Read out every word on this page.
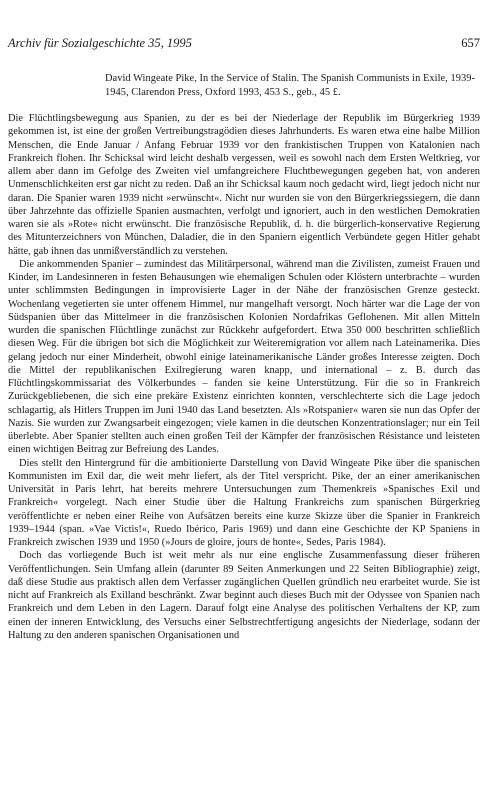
Archiv für Sozialgeschichte 35, 1995	657
David Wingeate Pike, In the Service of Stalin. The Spanish Communists in Exile, 1939-1945, Clarendon Press, Oxford 1993, 453 S., geb., 45 £.

Die Flüchtlingsbewegung aus Spanien, zu der es bei der Niederlage der Republik im Bürgerkrieg 1939 gekommen ist, ist eine der großen Vertreibungstragödien dieses Jahrhunderts. Es waren etwa eine halbe Million Menschen, die Ende Januar / Anfang Februar 1939 vor den frankistischen Truppen von Katalonien nach Frankreich flohen. Ihr Schicksal wird leicht deshalb vergessen, weil es sowohl nach dem Ersten Weltkrieg, vor allem aber dann im Gefolge des Zweiten viel umfangreichere Fluchtbewegungen gegeben hat, von anderen Unmenschlichkeiten erst gar nicht zu reden. Daß an ihr Schicksal kaum noch gedacht wird, liegt jedoch nicht nur daran. Die Spanier waren 1939 nicht »erwünscht«. Nicht nur wurden sie von den Bürgerkriegssiegern, die dann über Jahrzehnte das offizielle Spanien ausmachten, verfolgt und ignoriert, auch in den westlichen Demokratien waren sie als »Rote« nicht erwünscht. Die französische Republik, d. h. die bürgerlich-konservative Regierung des Mitunterzeichners von München, Daladier, die in den Spaniern eigentlich Verbündete gegen Hitler gehabt hätte, gab ihnen das unmißverständlich zu verstehen.

Die ankommenden Spanier – zumindest das Militärpersonal, während man die Zivilisten, zumeist Frauen und Kinder, im Landesinneren in festen Behausungen wie ehemaligen Schulen oder Klöstern unterbrachte – wurden unter schlimmsten Bedingungen in improvisierte Lager in der Nähe der französischen Grenze gesteckt. Wochenlang vegetierten sie unter offenem Himmel, nur mangelhaft versorgt. Noch härter war die Lage der von Südspanien über das Mittelmeer in die französischen Kolonien Nordafrikas Geflohenen. Mit allen Mitteln wurden die spanischen Flüchtlinge zunächst zur Rückkehr aufgefordert. Etwa 350 000 beschritten schließlich diesen Weg. Für die übrigen bot sich die Möglichkeit zur Weiteremigration vor allem nach Lateinamerika. Dies gelang jedoch nur einer Minderheit, obwohl einige lateinamerikanische Länder großes Interesse zeigten. Doch die Mittel der republikanischen Exilregierung waren knapp, und international – z. B. durch das Flüchtlingskommissariat des Völkerbundes – fanden sie keine Unterstützung. Für die so in Frankreich Zurückgebliebenen, die sich eine prekäre Existenz einrichten konnten, verschlechterte sich die Lage jedoch schlagartig, als Hitlers Truppen im Juni 1940 das Land besetzten. Als »Rotspanier« waren sie nun das Opfer der Nazis. Sie wurden zur Zwangsarbeit eingezogen; viele kamen in die deutschen Konzentrationslager; nur ein Teil überlebte. Aber Spanier stellten auch einen großen Teil der Kämpfer der französischen Résistance und leisteten einen wichtigen Beitrag zur Befreiung des Landes.

Dies stellt den Hintergrund für die ambitionierte Darstellung von David Wingeate Pike über die spanischen Kommunisten im Exil dar, die weit mehr liefert, als der Titel verspricht. Pike, der an einer amerikanischen Universität in Paris lehrt, hat bereits mehrere Untersuchungen zum Themenkreis »Spanisches Exil und Frankreich« vorgelegt. Nach einer Studie über die Haltung Frankreichs zum spanischen Bürgerkrieg veröffentlichte er neben einer Reihe von Aufsätzen bereits eine kurze Skizze über die Spanier in Frankreich 1939–1944 (span. »Vae Victis!«, Ruedo Ibérico, Paris 1969) und dann eine Geschichte der KP Spaniens in Frankreich zwischen 1939 und 1950 (»Jours de gloire, jours de honte«, Sedes, Paris 1984).

Doch das vorliegende Buch ist weit mehr als nur eine englische Zusammenfassung dieser früheren Veröffentlichungen. Sein Umfang allein (darunter 89 Seiten Anmerkungen und 22 Seiten Bibliographie) zeigt, daß diese Studie aus praktisch allen dem Verfasser zugänglichen Quellen gründlich neu erarbeitet wurde. Sie ist nicht auf Frankreich als Exilland beschränkt. Zwar beginnt auch dieses Buch mit der Odyssee von Spanien nach Frankreich und dem Leben in den Lagern. Darauf folgt eine Analyse des politischen Verhaltens der KP, zum einen der inneren Entwicklung, des Versuchs einer Selbstrechtfertigung angesichts der Niederlage, sodann der Haltung zu den anderen spanischen Organisationen und
